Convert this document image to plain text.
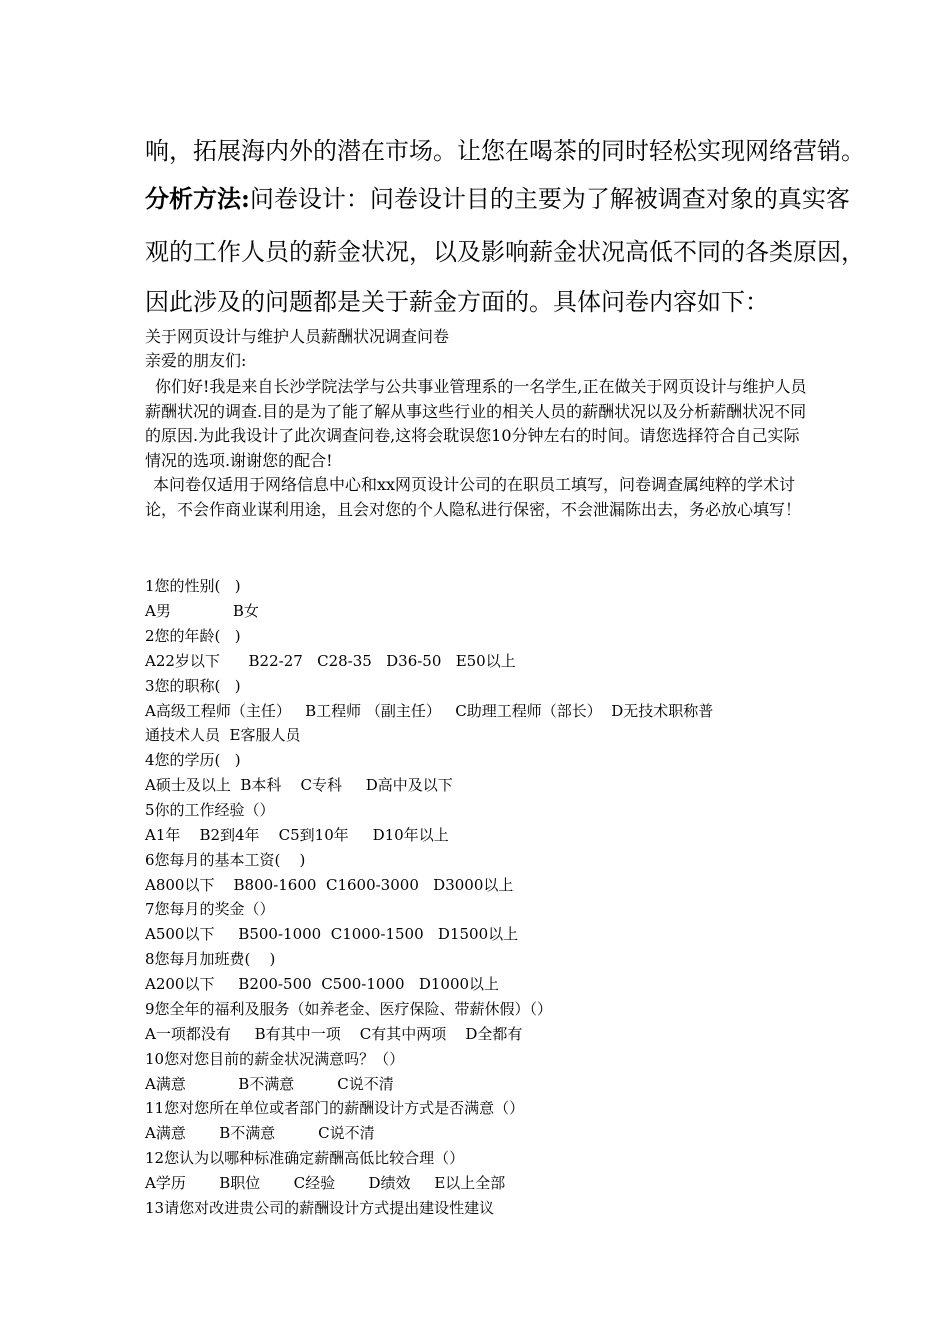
响，拓展海内外的潜在市场。让您在喝茶的同时轻松实现网络营销。
分析方法:问卷设计：问卷设计目的主要为了解被调查对象的真实客
观的工作人员的薪金状况，以及影响薪金状况高低不同的各类原因，
因此涉及的问题都是关于薪金方面的。具体问卷内容如下：
关于网页设计与维护人员薪酬状况调查问卷
亲爱的朋友们:

你们好!我是来自长沙学院法学与公共事业管理系的一名学生,正在做关于网页设计与维护人员薪酬状况的调查.目的是为了能了解从事这些行业的相关人员的薪酬状况以及分析薪酬状况不同的原因.为此我设计了此次调查问卷,这将会耽误您10分钟左右的时间。请您选择符合自己实际情况的选项.谢谢您的配合!

本问卷仅适用于网络信息中心和xx网页设计公司的在职员工填写，问卷调查属纯粹的学术讨论，不会作商业谋利用途，且会对您的个人隐私进行保密，不会泄漏陈出去，务必放心填写！

1您的性别(   )
A男             B女
2您的年龄(   )
A22岁以下      B22-27   C28-35   D36-50   E50以上
3您的职称(   )
A高级工程师（主任）   B工程师 （副主任）   C助理工程师（部长）  D无技术职称普
通技术人员  E客服人员
4您的学历(   )
A硕士及以上  B本科    C专科     D高中及以下
5你的工作经验（）
A1年    B2到4年    C5到10年     D10年以上
6您每月的基本工资(    )
A800以下    B800-1600  C1600-3000   D3000以上
7您每月的奖金（）
A500以下     B500-1000  C1000-1500   D1500以上
8您每月加班费(    )
A200以下     B200-500  C500-1000   D1000以上
9您全年的福利及服务（如养老金、医疗保险、带薪休假）（）
A一项都没有     B有其中一项    C有其中两项    D全都有
10您对您目前的薪金状况满意吗？（）
A满意           B不满意         C说不清
11您对您所在单位或者部门的薪酬设计方式是否满意（）
A满意       B不满意         C说不清
12您认为以哪种标准确定薪酬高低比较合理（）
A学历       B职位       C经验       D绩效     E以上全部
13请您对改进贵公司的薪酬设计方式提出建设性建议
